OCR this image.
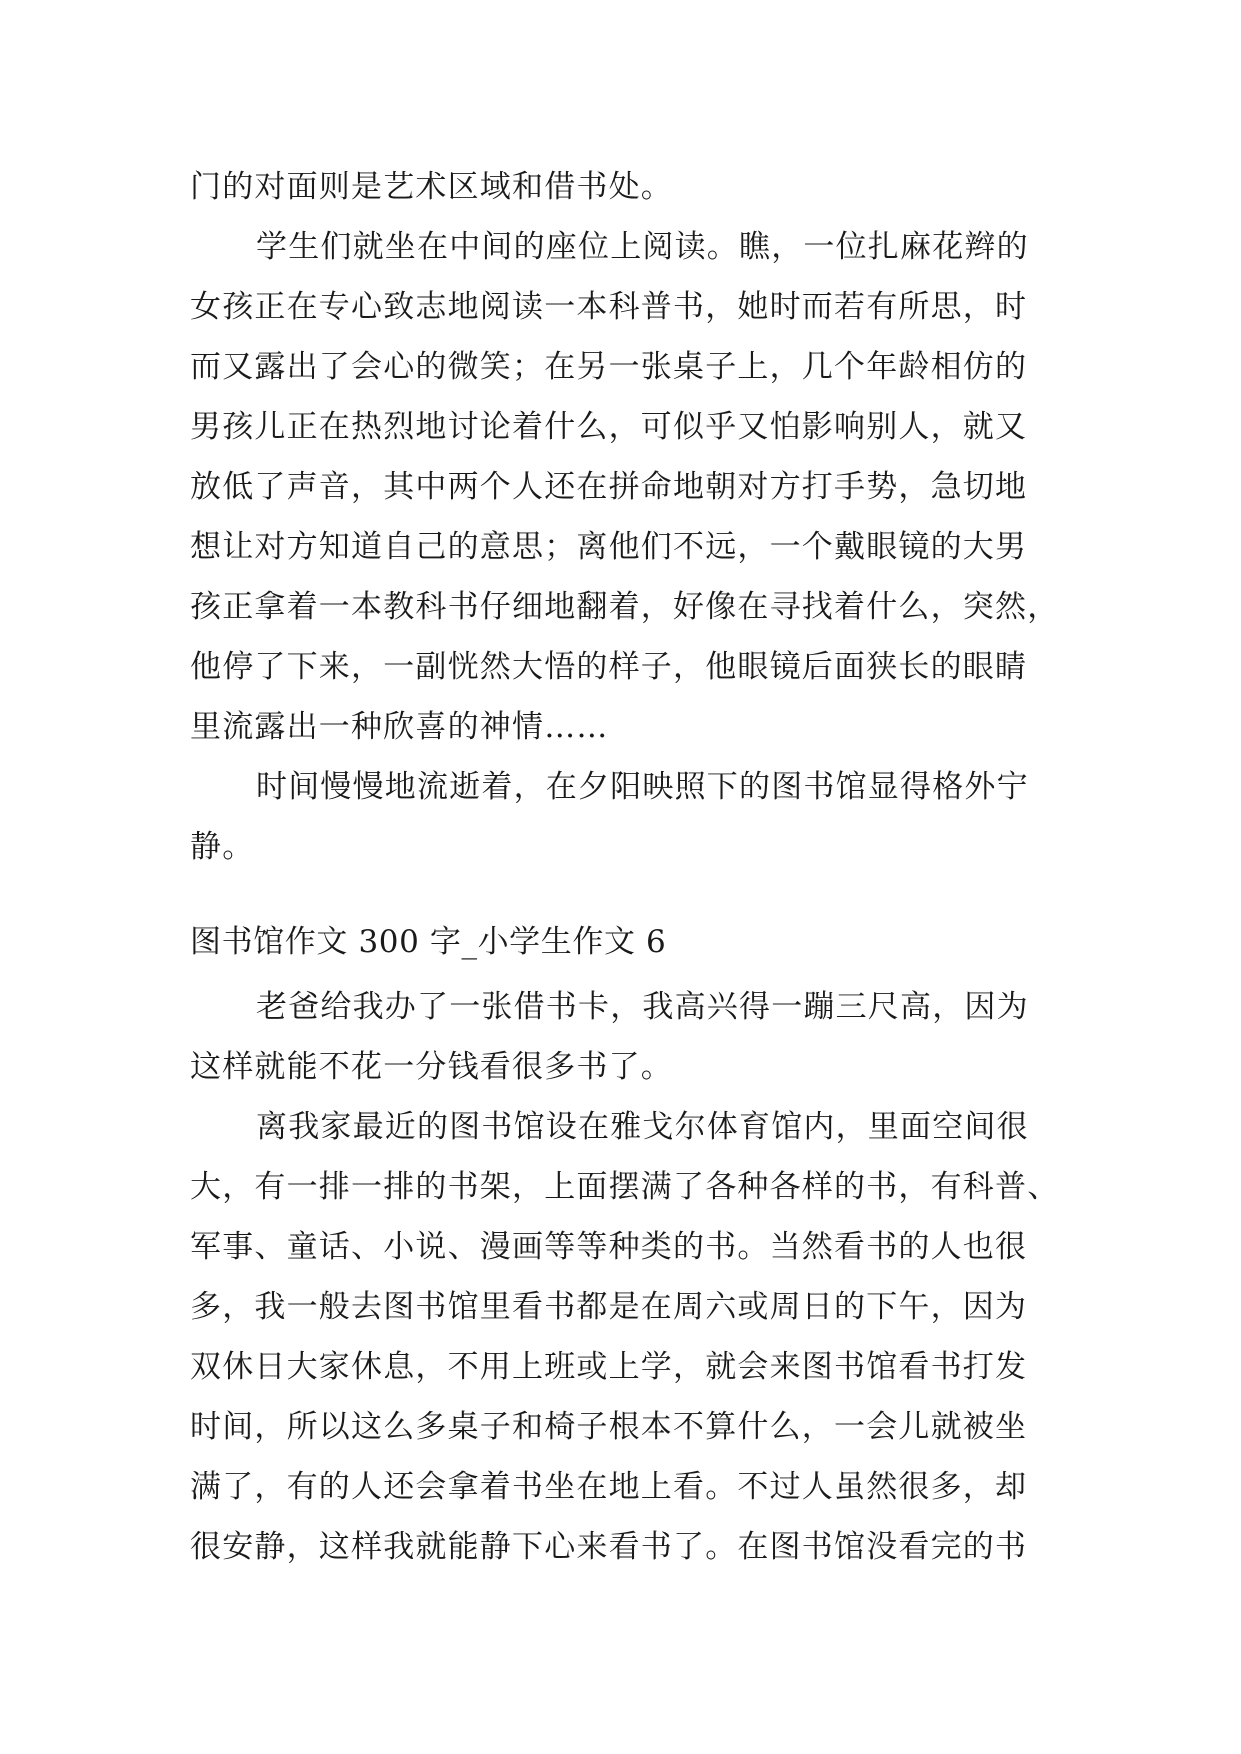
门的对面则是艺术区域和借书处。
学生们就坐在中间的座位上阅读。瞧，一位扎麻花辫的
女孩正在专心致志地阅读一本科普书，她时而若有所思，时
而又露出了会心的微笑；在另一张桌子上，几个年龄相仿的
男孩儿正在热烈地讨论着什么，可似乎又怕影响别人，就又
放低了声音，其中两个人还在拼命地朝对方打手势，急切地
想让对方知道自己的意思；离他们不远，一个戴眼镜的大男
孩正拿着一本教科书仔细地翻着，好像在寻找着什么，突然，
他停了下来，一副恍然大悟的样子，他眼镜后面狭长的眼睛
里流露出一种欣喜的神情……
时间慢慢地流逝着，在夕阳映照下的图书馆显得格外宁
静。
图书馆作文 300 字_小学生作文 6
老爸给我办了一张借书卡，我高兴得一蹦三尺高，因为
这样就能不花一分钱看很多书了。
离我家最近的图书馆设在雅戈尔体育馆内，里面空间很
大，有一排一排的书架，上面摆满了各种各样的书，有科普、
军事、童话、小说、漫画等等种类的书。当然看书的人也很
多，我一般去图书馆里看书都是在周六或周日的下午，因为
双休日大家休息，不用上班或上学，就会来图书馆看书打发
时间，所以这么多桌子和椅子根本不算什么，一会儿就被坐
满了，有的人还会拿着书坐在地上看。不过人虽然很多，却
很安静，这样我就能静下心来看书了。在图书馆没看完的书
